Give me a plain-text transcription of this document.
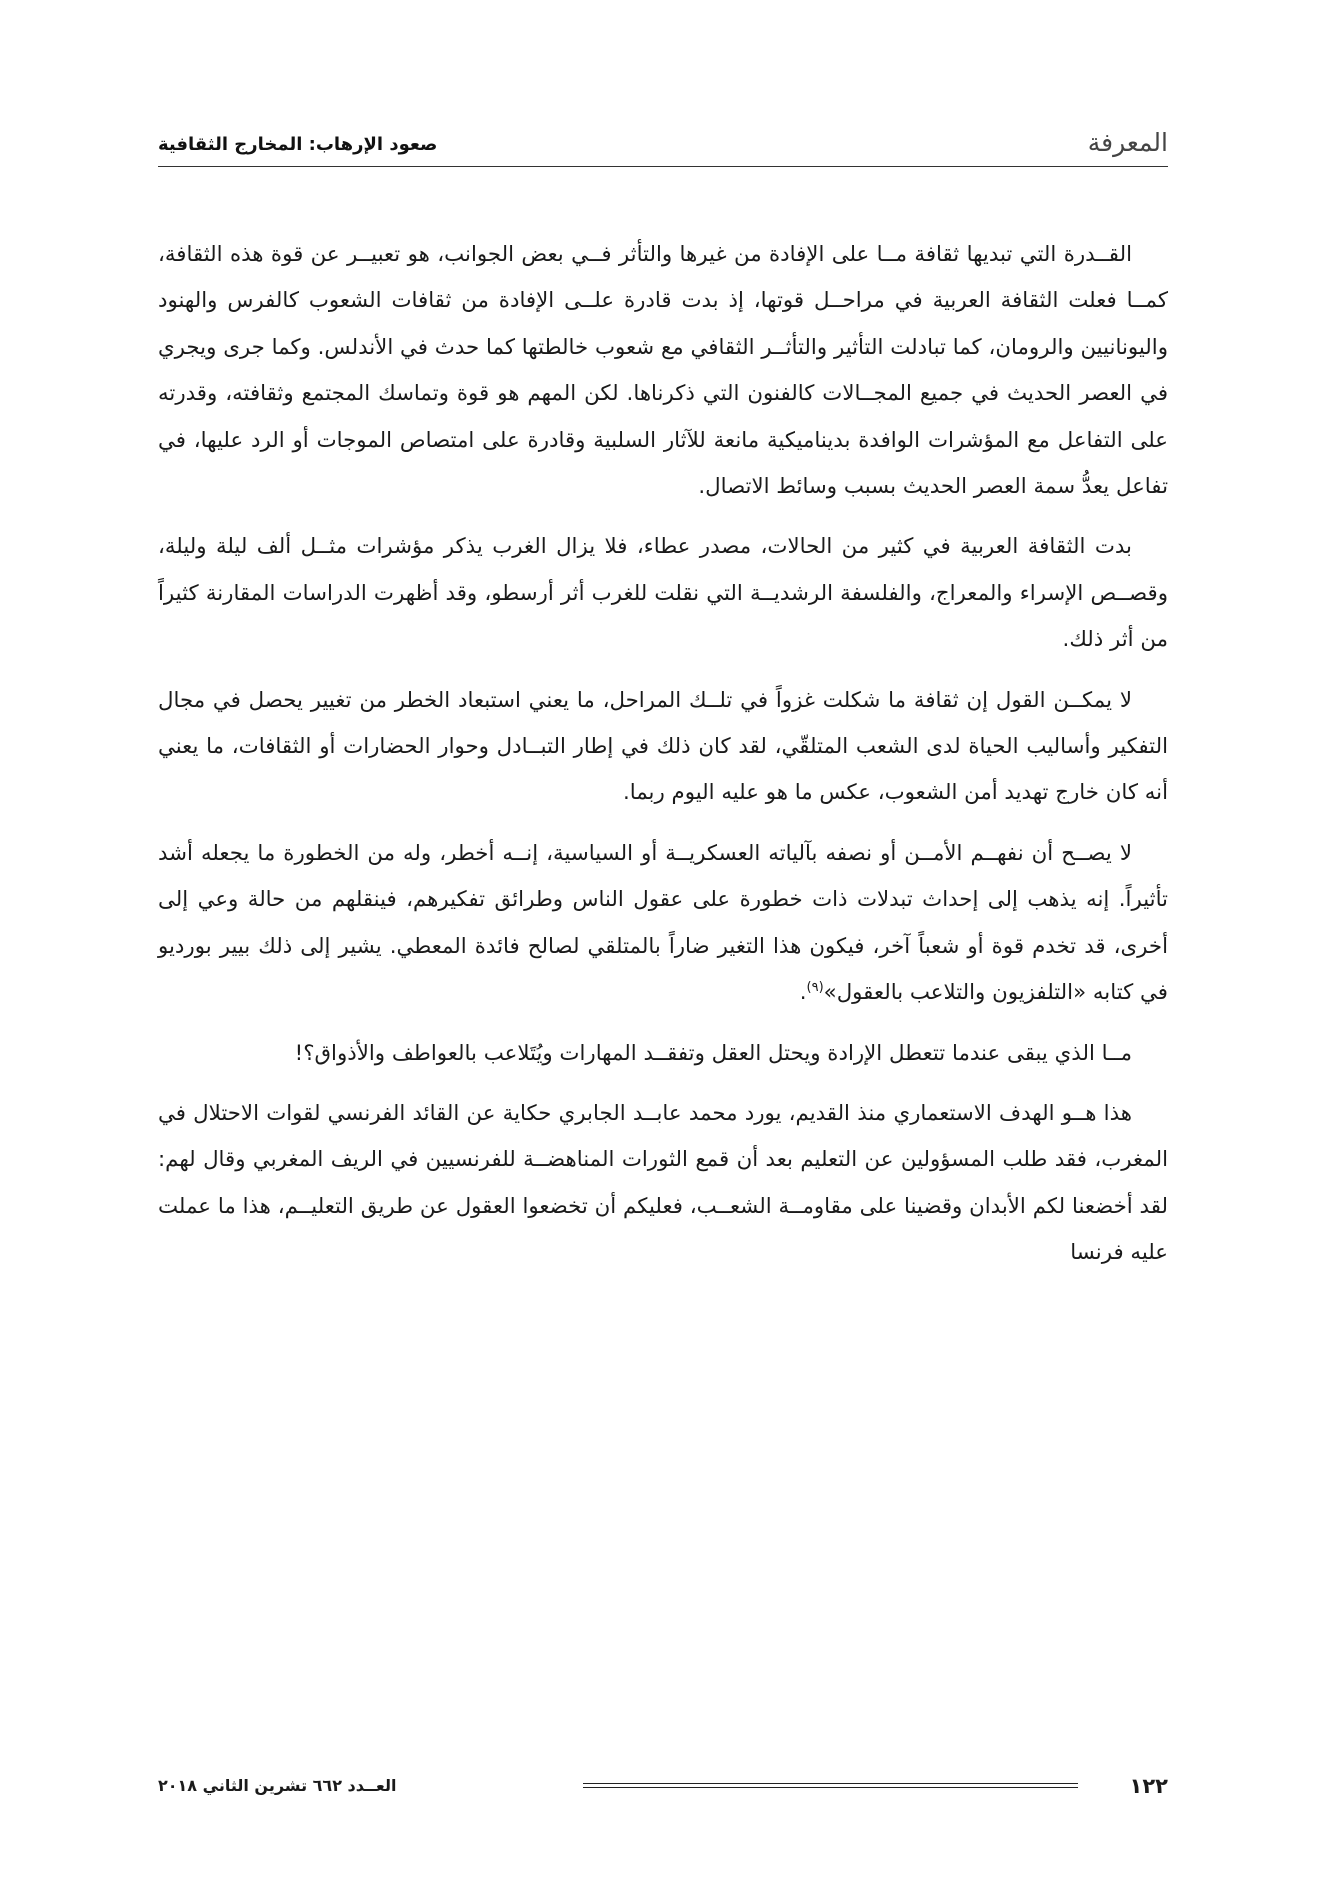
المعرفة
صعود الإرهاب: المخارج الثقافية

القــدرة التي تبديها ثقافة مــا على الإفادة من غيرها والتأثر فــي بعض الجوانب، هو تعبيــر عن قوة هذه الثقافة، كمــا فعلت الثقافة العربية في مراحــل قوتها، إذ بدت قادرة علــى الإفادة من ثقافات الشعوب كالفرس والهنود واليونانيين والرومان، كما تبادلت التأثير والتأثــر الثقافي مع شعوب خالطتها كما حدث في الأندلس. وكما جرى ويجري في العصر الحديث في جميع المجــالات كالفنون التي ذكرناها. لكن المهم هو قوة وتماسك المجتمع وثقافته، وقدرته على التفاعل مع المؤشرات الوافدة بديناميكية مانعة للآثار السلبية وقادرة على امتصاص الموجات أو الرد عليها، في تفاعل يعدُّ سمة العصر الحديث بسبب وسائط الاتصال.

بدت الثقافة العربية في كثير من الحالات، مصدر عطاء، فلا يزال الغرب يذكر مؤشرات مثــل ألف ليلة وليلة، وقصــص الإسراء والمعراج، والفلسفة الرشديــة التي نقلت للغرب أثر أرسطو، وقد أظهرت الدراسات المقارنة كثيراً من أثر ذلك.

لا يمكــن القول إن ثقافة ما شكلت غزواً في تلــك المراحل، ما يعني استبعاد الخطر من تغيير يحصل في مجال التفكير وأساليب الحياة لدى الشعب المتلقّي، لقد كان ذلك في إطار التبــادل وحوار الحضارات أو الثقافات، ما يعني أنه كان خارج تهديد أمن الشعوب، عكس ما هو عليه اليوم ربما.

لا يصــح أن نفهــم الأمــن أو نصفه بآلياته العسكريــة أو السياسية، إنــه أخطر، وله من الخطورة ما يجعله أشد تأثيراً. إنه يذهب إلى إحداث تبدلات ذات خطورة على عقول الناس وطرائق تفكيرهم، فينقلهم من حالة وعي إلى أخرى، قد تخدم قوة أو شعباً آخر، فيكون هذا التغير ضاراً بالمتلقي لصالح فائدة المعطي. يشير إلى ذلك بيير بورديو في كتابه «التلفزيون والتلاعب بالعقول»$^{(٩)}$.

مــا الذي يبقى عندما تتعطل الإرادة ويحتل العقل وتفقــد المهارات ويُتَلاعب بالعواطف والأذواق؟!

هذا هــو الهدف الاستعماري منذ القديم، يورد محمد عابــد الجابري حكاية عن القائد الفرنسي لقوات الاحتلال في المغرب، فقد طلب المسؤولين عن التعليم بعد أن قمع الثورات المناهضــة للفرنسيين في الريف المغربي وقال لهم: لقد أخضعنا لكم الأبدان وقضينا على مقاومــة الشعــب، فعليكم أن تخضعوا العقول عن طريق التعليــم، هذا ما عملت عليه فرنسا

١٢٢
العــدد ٦٦٢ تشرين الثاني ٢٠١٨
